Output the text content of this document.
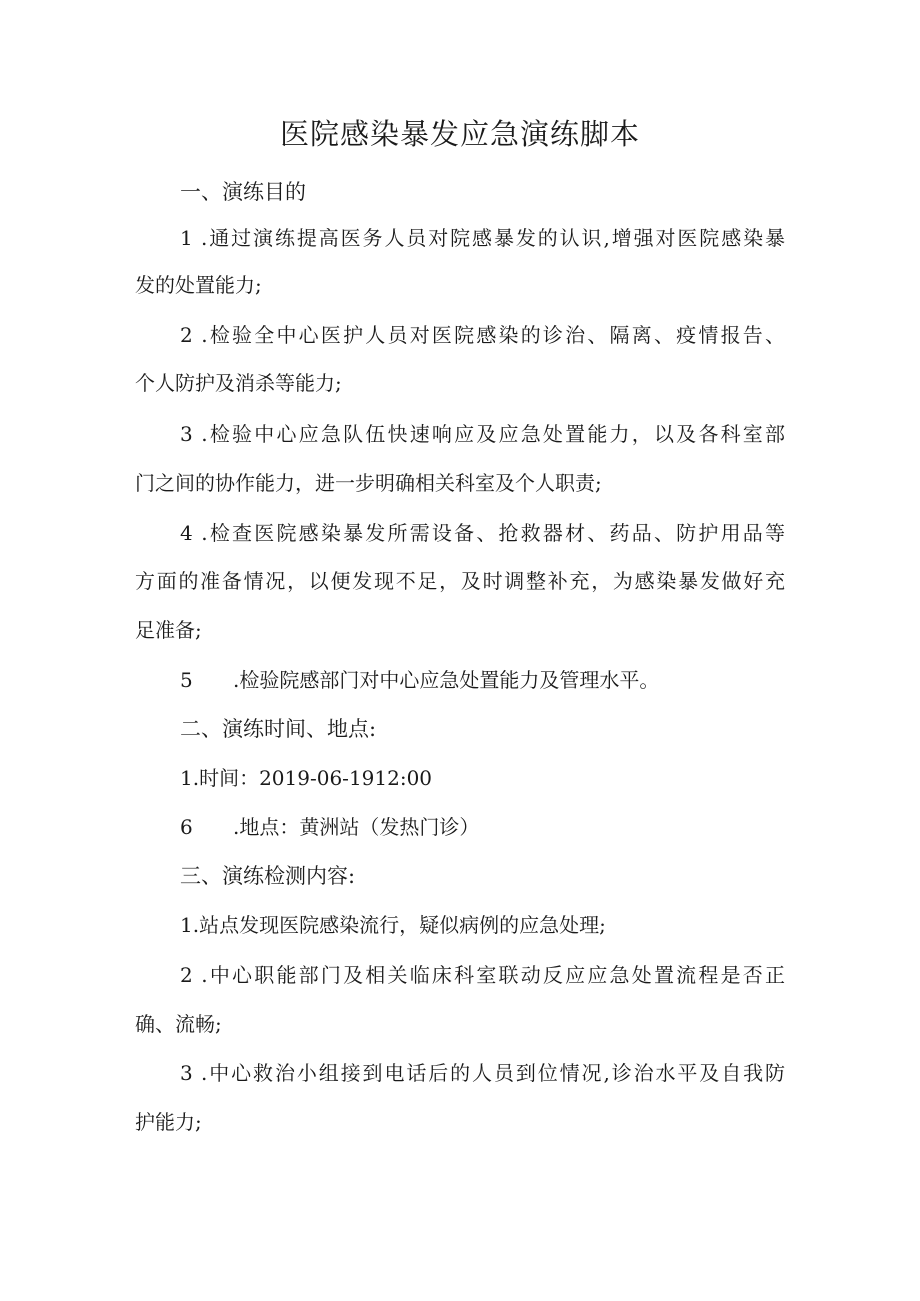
医院感染暴发应急演练脚本
一、演练目的
1 .通过演练提高医务人员对院感暴发的认识,增强对医院感染暴
发的处置能力;
2 .检验全中心医护人员对医院感染的诊治、隔离、疫情报告、
个人防护及消杀等能力;
3 .检验中心应急队伍快速响应及应急处置能力，以及各科室部
门之间的协作能力，进一步明确相关科室及个人职责;
4 .检查医院感染暴发所需设备、抢救器材、药品、防护用品等
方面的准备情况，以便发现不足，及时调整补充，为感染暴发做好充
足准备;
5 .检验院感部门对中心应急处置能力及管理水平。
二、演练时间、地点:
1.时间：2019-06-1912:00
6 .地点：黄洲站（发热门诊）
三、演练检测内容:
1.站点发现医院感染流行，疑似病例的应急处理;
2 .中心职能部门及相关临床科室联动反应应急处置流程是否正
确、流畅;
3 .中心救治小组接到电话后的人员到位情况,诊治水平及自我防
护能力;
